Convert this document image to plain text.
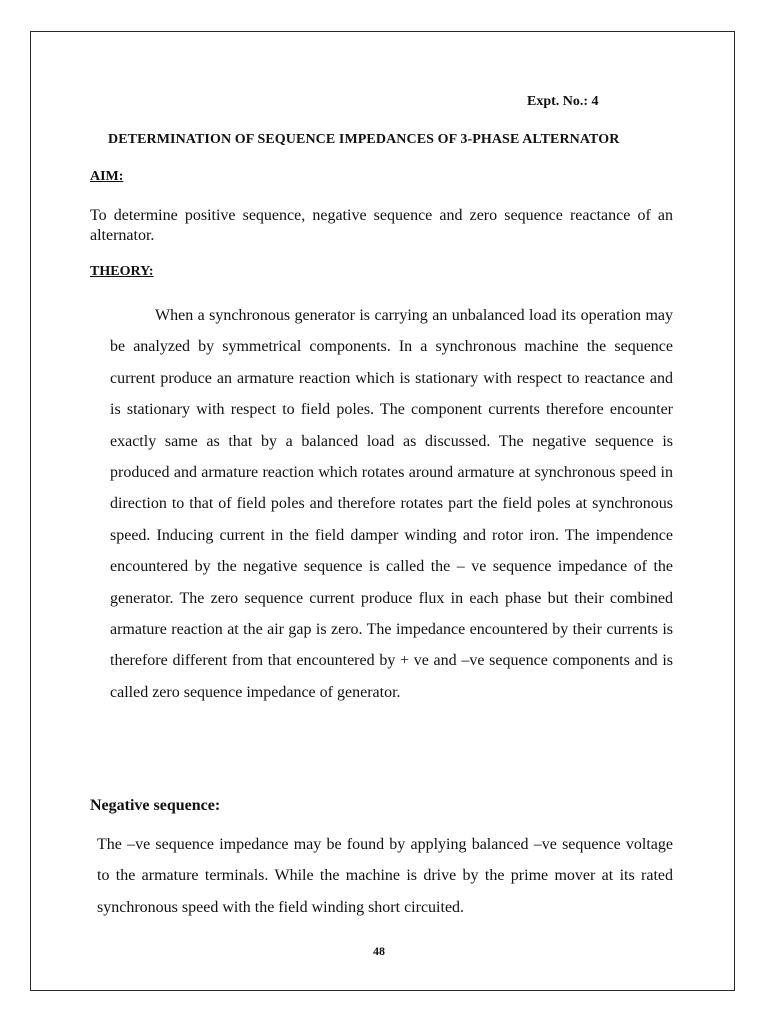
Expt. No.: 4
DETERMINATION OF SEQUENCE IMPEDANCES OF 3-PHASE ALTERNATOR
AIM:
To determine positive sequence, negative sequence and zero sequence reactance of an alternator.
THEORY:
When a synchronous generator is carrying an unbalanced load its operation may be analyzed by symmetrical components. In a synchronous machine the sequence current produce an armature reaction which is stationary with respect to reactance and is stationary with respect to field poles. The component currents therefore encounter exactly same as that by a balanced load as discussed. The negative sequence is produced and armature reaction which rotates around armature at synchronous speed in direction to that of field poles and therefore rotates part the field poles at synchronous speed. Inducing current in the field damper winding and rotor iron. The impendence encountered by the negative sequence is called the – ve sequence impedance of the generator. The zero sequence current produce flux in each phase but their combined armature reaction at the air gap is zero. The impedance encountered by their currents is therefore different from that encountered by + ve and –ve sequence components and is called zero sequence impedance of generator.
Negative sequence:
The –ve sequence impedance may be found by applying balanced –ve sequence voltage to the armature terminals. While the machine is drive by the prime mover at its rated synchronous speed with the field winding short circuited.
48
